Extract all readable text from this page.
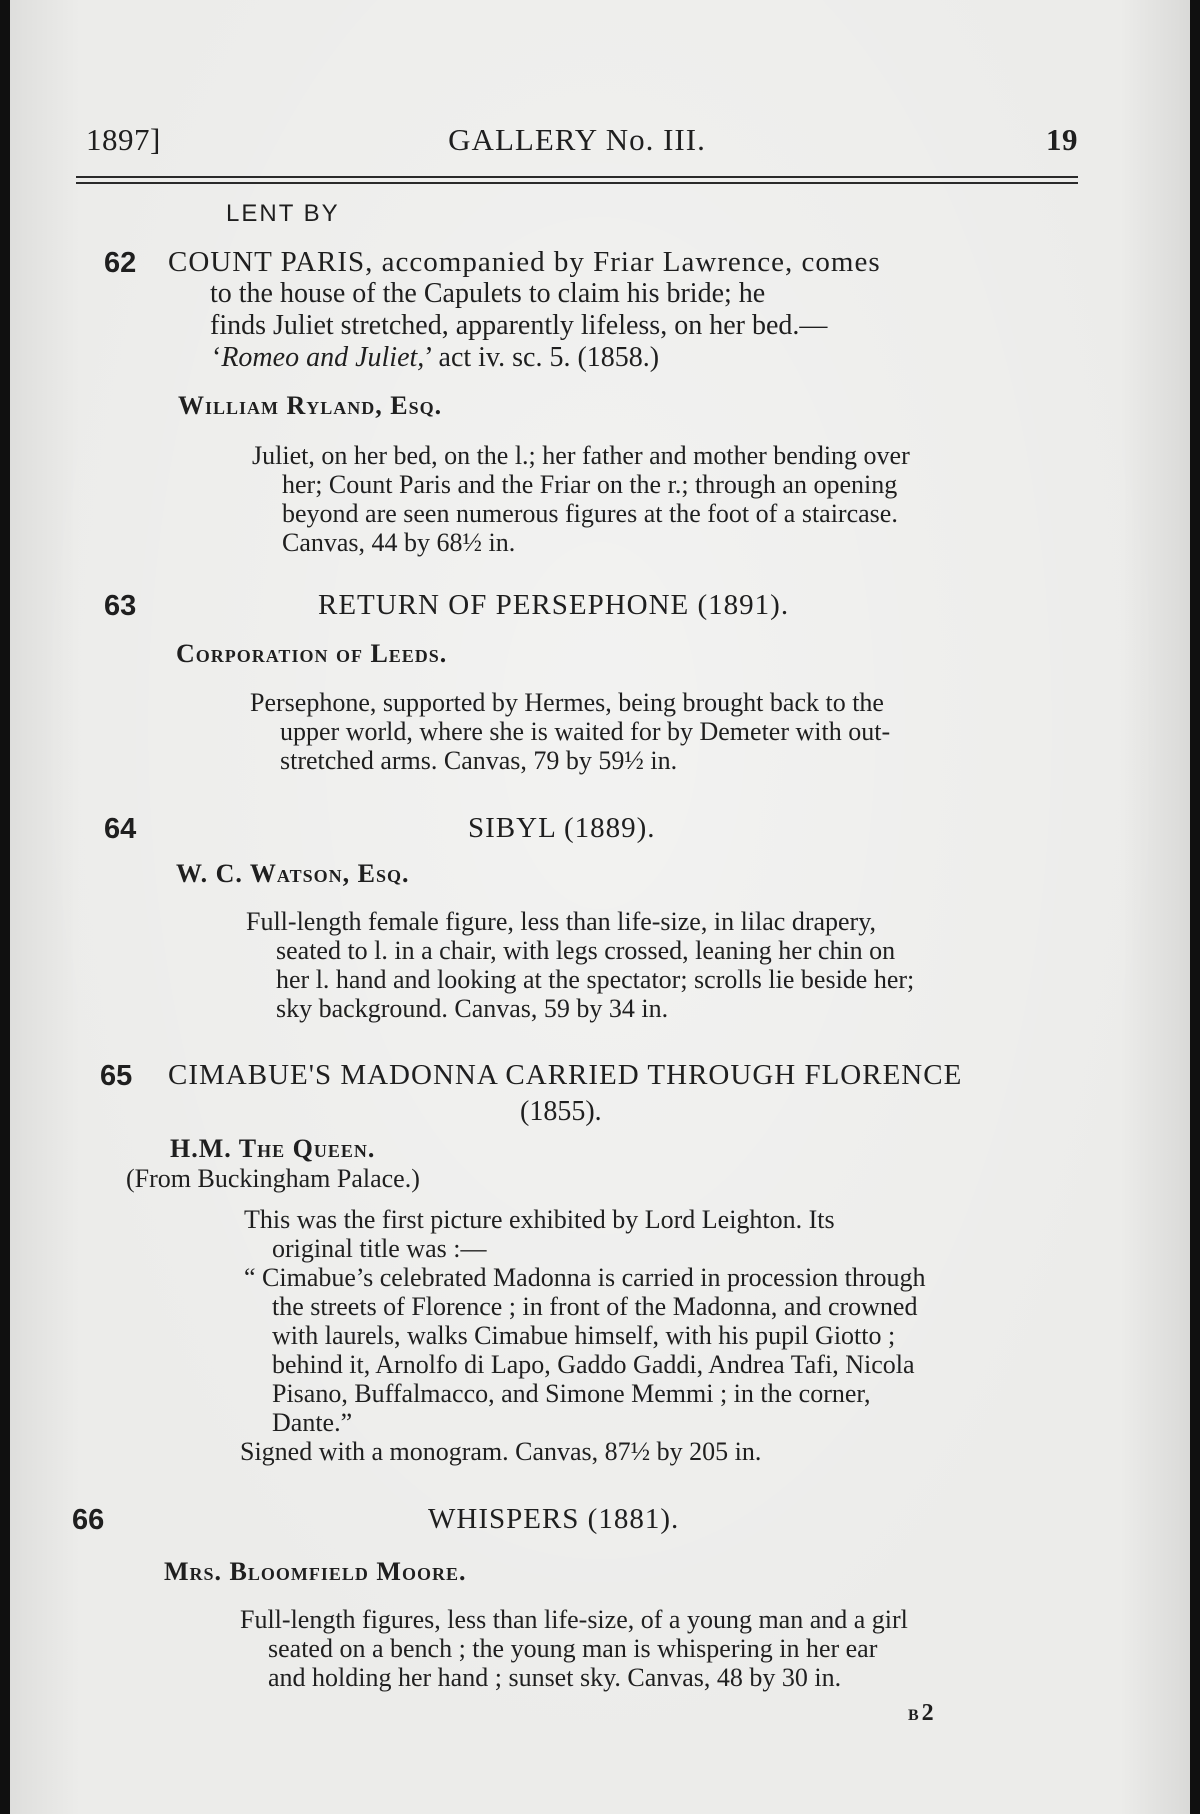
1897]	GALLERY No. III.	19
LENT BY
62 COUNT PARIS, accompanied by Friar Lawrence, comes
to the house of the Capulets to claim his bride; he
finds Juliet stretched, apparently lifeless, on her bed.—
‘Romeo and Juliet,’ act iv. sc. 5. (1858.)
William Ryland, Esq.
Juliet, on her bed, on the l.; her father and mother bending over
her; Count Paris and the Friar on the r.; through an opening
beyond are seen numerous figures at the foot of a staircase.
Canvas, 44 by 68½ in.
63	RETURN OF PERSEPHONE (1891).
Corporation of Leeds.
Persephone, supported by Hermes, being brought back to the
upper world, where she is waited for by Demeter with out-
stretched arms. Canvas, 79 by 59½ in.
64	SIBYL (1889).
W. C. Watson, Esq.
Full-length female figure, less than life-size, in lilac drapery,
seated to l. in a chair, with legs crossed, leaning her chin on
her l. hand and looking at the spectator; scrolls lie beside her;
sky background. Canvas, 59 by 34 in.
65 CIMABUE'S MADONNA CARRIED THROUGH FLORENCE
(1855).
H.M. The Queen.
(From Buckingham Palace.)
This was the first picture exhibited by Lord Leighton. Its
original title was :—
“ Cimabue’s celebrated Madonna is carried in procession through
the streets of Florence ; in front of the Madonna, and crowned
with laurels, walks Cimabue himself, with his pupil Giotto ;
behind it, Arnolfo di Lapo, Gaddo Gaddi, Andrea Tafi, Nicola
Pisano, Buffalmacco, and Simone Memmi ; in the corner,
Dante.”
Signed with a monogram. Canvas, 87½ by 205 in.
66	WHISPERS (1881).
Mrs. Bloomfield Moore.
Full-length figures, less than life-size, of a young man and a girl
seated on a bench ; the young man is whispering in her ear
and holding her hand ; sunset sky. Canvas, 48 by 30 in.
B2
